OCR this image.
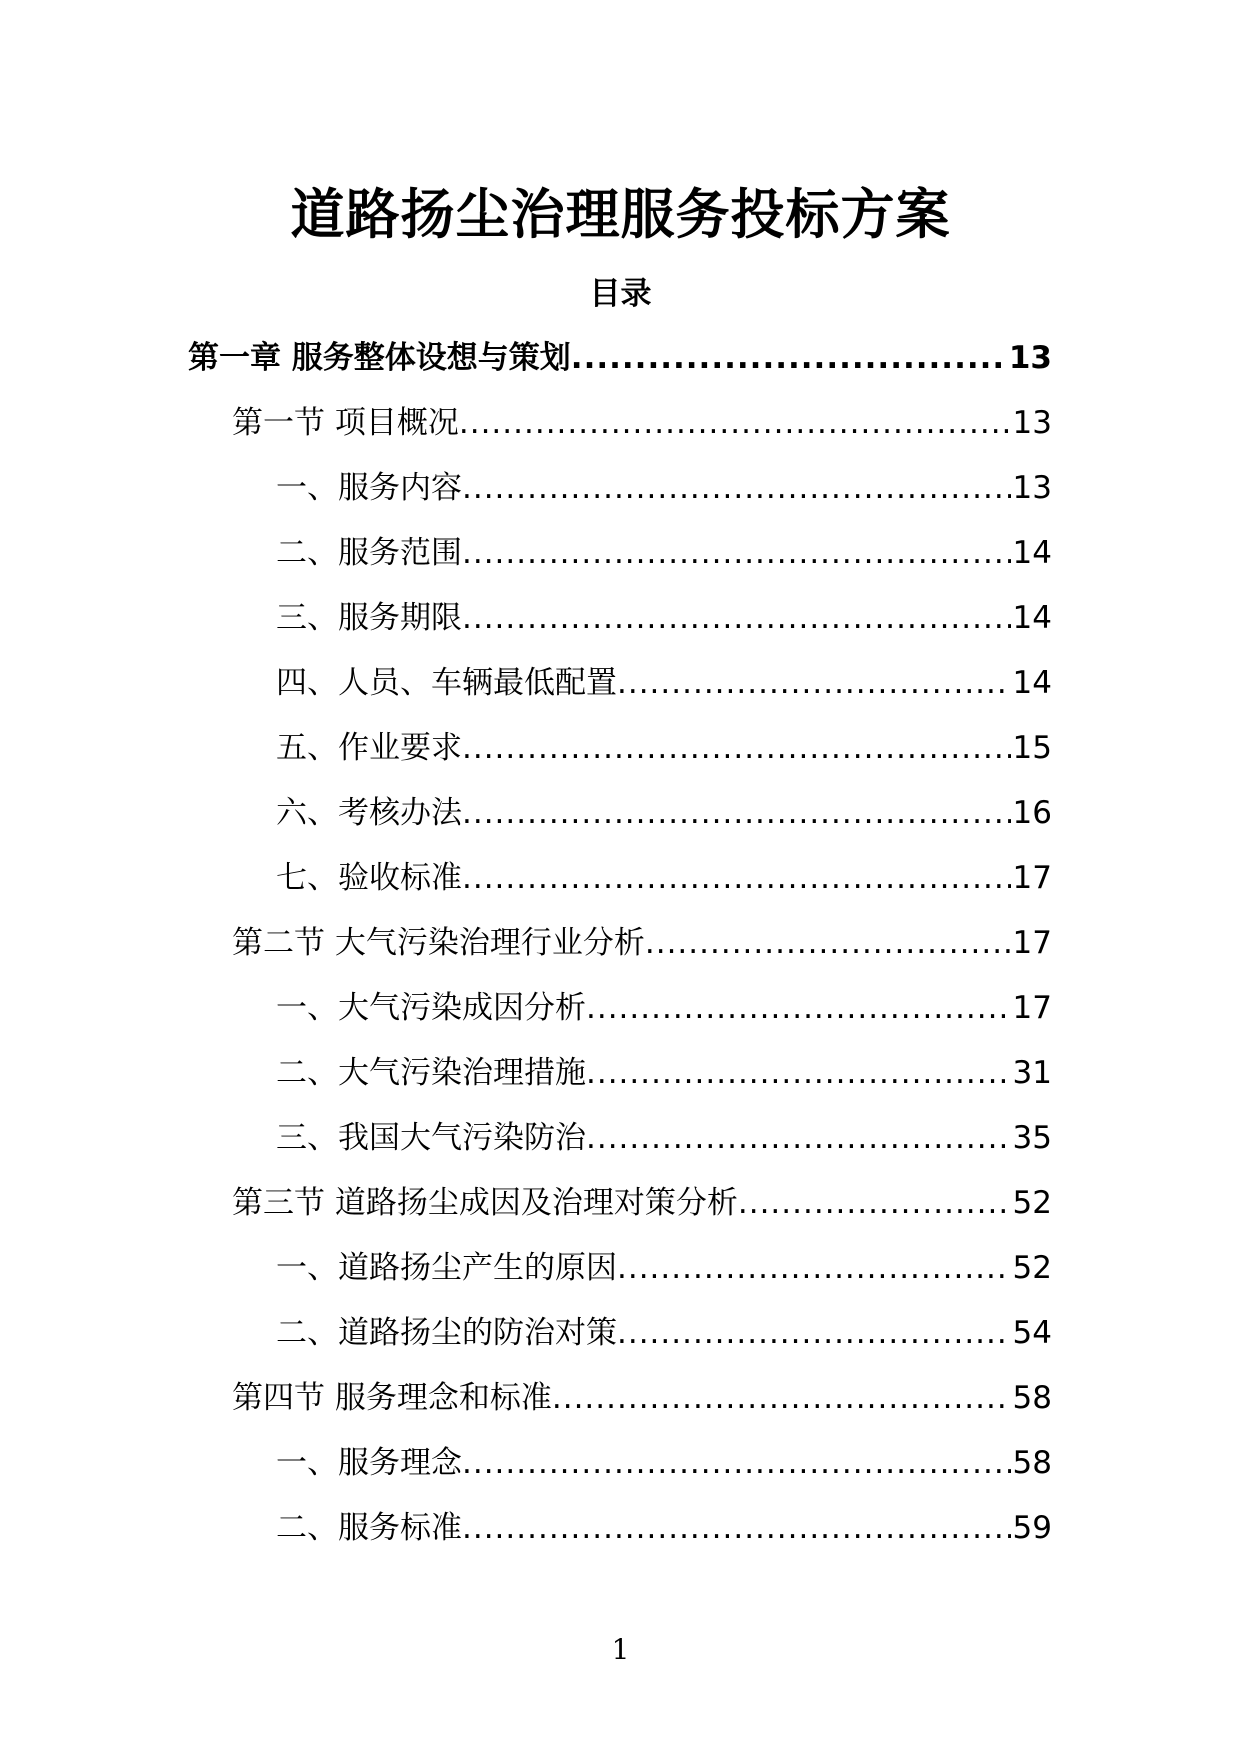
道路扬尘治理服务投标方案
目录
第一章 服务整体设想与策划 .....	13
第一节 项目概况 .....	13
一、服务内容 .....	13
二、服务范围 .....	14
三、服务期限 .....	14
四、人员、车辆最低配置 .....	14
五、作业要求 .....	15
六、考核办法 .....	16
七、验收标准 .....	17
第二节 大气污染治理行业分析 .....	17
一、大气污染成因分析 .....	17
二、大气污染治理措施 .....	31
三、我国大气污染防治 .....	35
第三节 道路扬尘成因及治理对策分析 .....	52
一、道路扬尘产生的原因 .....	52
二、道路扬尘的防治对策 .....	54
第四节 服务理念和标准 .....	58
一、服务理念 .....	58
二、服务标准 .....	59
1
